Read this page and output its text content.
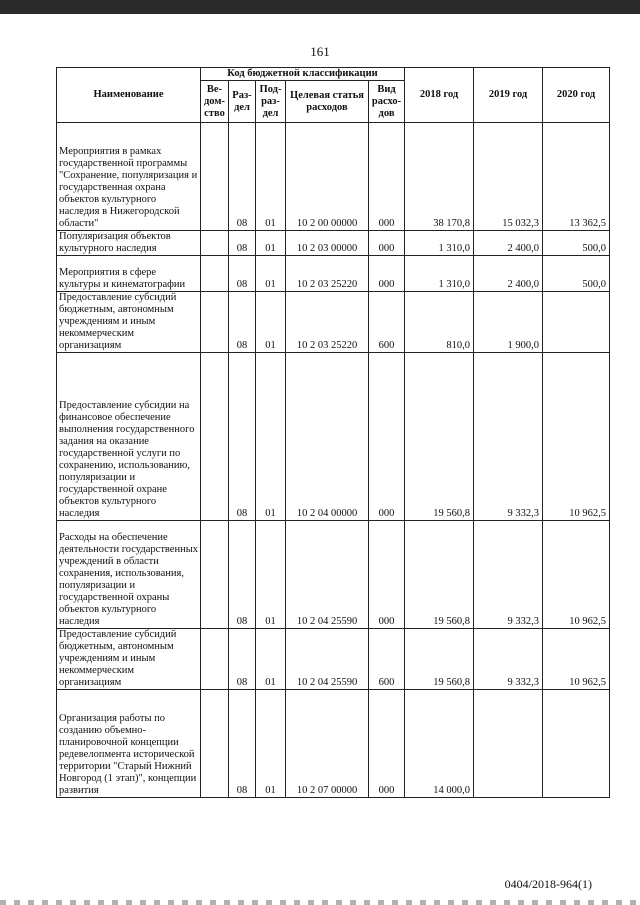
161
Наименование	Код бюджетной классификации					2018 год	2019 год	2020 год
	Ве-дом-ство	Раз-дел	Под-раз-дел	Целевая статья расходов	Вид расхо-дов			
Мероприятия в рамках государственной программы "Сохранение, популяризация и государственная охрана объектов культурного наследия в Нижегородской области"		08	01	10 2 00 00000	000	38 170,8	15 032,3	13 362,5
Популяризация объектов культурного наследия		08	01	10 2 03 00000	000	1 310,0	2 400,0	500,0
Мероприятия в сфере культуры и кинематографии		08	01	10 2 03 25220	000	1 310,0	2 400,0	500,0
Предоставление субсидий бюджетным, автономным учреждениям и иным некоммерческим организациям		08	01	10 2 03 25220	600	810,0	1 900,0	
Предоставление субсидии на финансовое обеспечение выполнения государственного задания на оказание государственной услуги по сохранению, использованию, популяризации и государственной охране объектов культурного наследия		08	01	10 2 04 00000	000	19 560,8	9 332,3	10 962,5
Расходы на обеспечение деятельности государственных учреждений в области сохранения, использования, популяризации и государственной охраны объектов культурного наследия		08	01	10 2 04 25590	000	19 560,8	9 332,3	10 962,5
Предоставление субсидий бюджетным, автономным учреждениям и иным некоммерческим организациям		08	01	10 2 04 25590	600	19 560,8	9 332,3	10 962,5
Организация работы по созданию объемно-планировочной концепции редевелопмента исторической территории "Старый Нижний Новгород (1 этап)", концепции развития		08	01	10 2 07 00000	000	14 000,0		
0404/2018-964(1)
